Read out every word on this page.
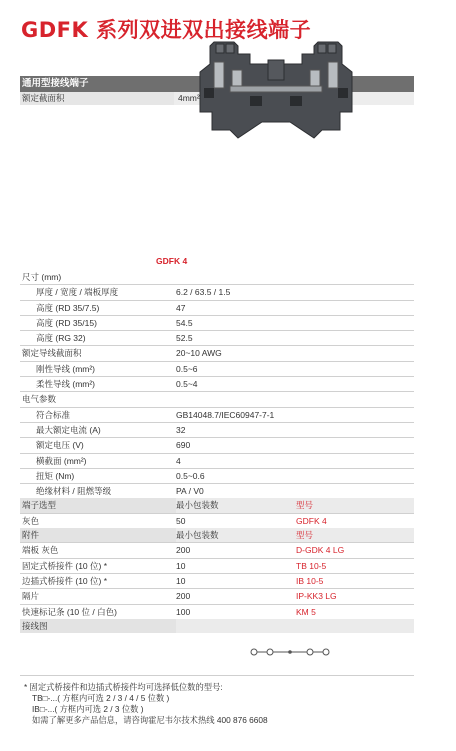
GDFK 系列双进双出接线端子
通用型接线端子
额定截面积	4mm²
GDFK 4
尺寸 (mm)
厚度 / 宽度 / 端板厚度	6.2 / 63.5 / 1.5
高度 (RD 35/7.5)	47
高度 (RD 35/15)	54.5
高度 (RG 32)	52.5
额定导线截面积	20~10 AWG
刚性导线 (mm²)	0.5~6
柔性导线 (mm²)	0.5~4
电气参数
符合标准	GB14048.7/IEC60947-7-1
最大额定电流 (A)	32
额定电压 (V)	690
横截面 (mm²)	4
扭矩 (Nm)	0.5~0.6
绝缘材料 / 阻燃等级	PA / V0
端子选型	最小包装数	型号
灰色	50	GDFK 4
附件	最小包装数	型号
端板 灰色	200	D-GDK 4 LG
固定式桥接件 (10 位) *	10	TB 10-5
边插式桥接件 (10 位) *	10	IB 10-5
隔片	200	IP-KK3 LG
快速标记条 (10 位 / 白色)	100	KM 5
接线图
* 固定式桥接件和边插式桥接件均可选择低位数的型号:
TB□-...( 方框内可选 2 / 3 / 4 / 5 位数 )
IB□-...( 方框内可选 2 / 3 位数 )
如需了解更多产品信息，请咨询霍尼韦尔技术热线 400 876 6608
